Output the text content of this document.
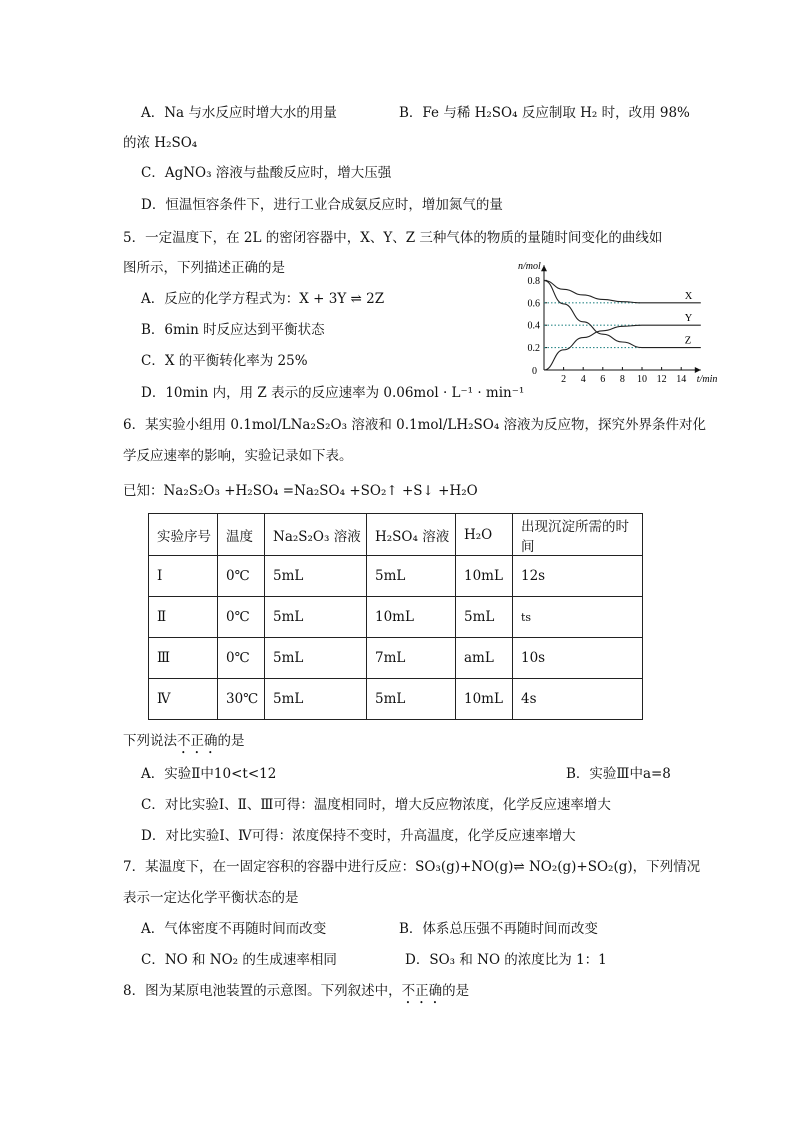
A．Na 与水反应时增大水的用量	B．Fe 与稀 H₂SO₄ 反应制取 H₂ 时，改用 98%
的浓 H₂SO₄
C．AgNO₃ 溶液与盐酸反应时，增大压强
D．恒温恒容条件下，进行工业合成氨反应时，增加氮气的量
5．一定温度下，在 2L 的密闭容器中，X、Y、Z 三种气体的物质的量随时间变化的曲线如
图所示，下列描述正确的是
A．反应的化学方程式为：X + 3Y ⇌ 2Z
B．6min 时反应达到平衡状态
C．X 的平衡转化率为 25%
D．10min 内，用 Z 表示的反应速率为 0.06mol · L⁻¹ · min⁻¹
n/mol
t/min
0
2 4 6 8 10 12 14
0.2
0.4
0.6
0.8
X
Y
Z
6．某实验小组用 0.1mol/LNa₂S₂O₃ 溶液和 0.1mol/LH₂SO₄ 溶液为反应物，探究外界条件对化
学反应速率的影响，实验记录如下表。
已知：Na₂S₂O₃ +H₂SO₄ =Na₂SO₄ +SO₂↑ +S↓ +H₂O
实验序号	温度	Na₂S₂O₃ 溶液	H₂SO₄ 溶液	H₂O	出现沉淀所需的时间
Ⅰ	0℃	5mL	5mL	10mL	12s
Ⅱ	0℃	5mL	10mL	5mL	ts
Ⅲ	0℃	5mL	7mL	amL	10s
Ⅳ	30℃	5mL	5mL	10mL	4s
下列说法不正确的是
A．实验Ⅱ中10<t<12	B．实验Ⅲ中a=8
C．对比实验Ⅰ、Ⅱ、Ⅲ可得：温度相同时，增大反应物浓度，化学反应速率增大
D．对比实验Ⅰ、Ⅳ可得：浓度保持不变时，升高温度，化学反应速率增大
7．某温度下，在一固定容积的容器中进行反应：SO₃(g)+NO(g)⇌ NO₂(g)+SO₂(g)，下列情况
表示一定达化学平衡状态的是
A．气体密度不再随时间而改变	B．体系总压强不再随时间而改变
C．NO 和 NO₂ 的生成速率相同	D．SO₃ 和 NO 的浓度比为 1：1
8．图为某原电池装置的示意图。下列叙述中，不正确的是
